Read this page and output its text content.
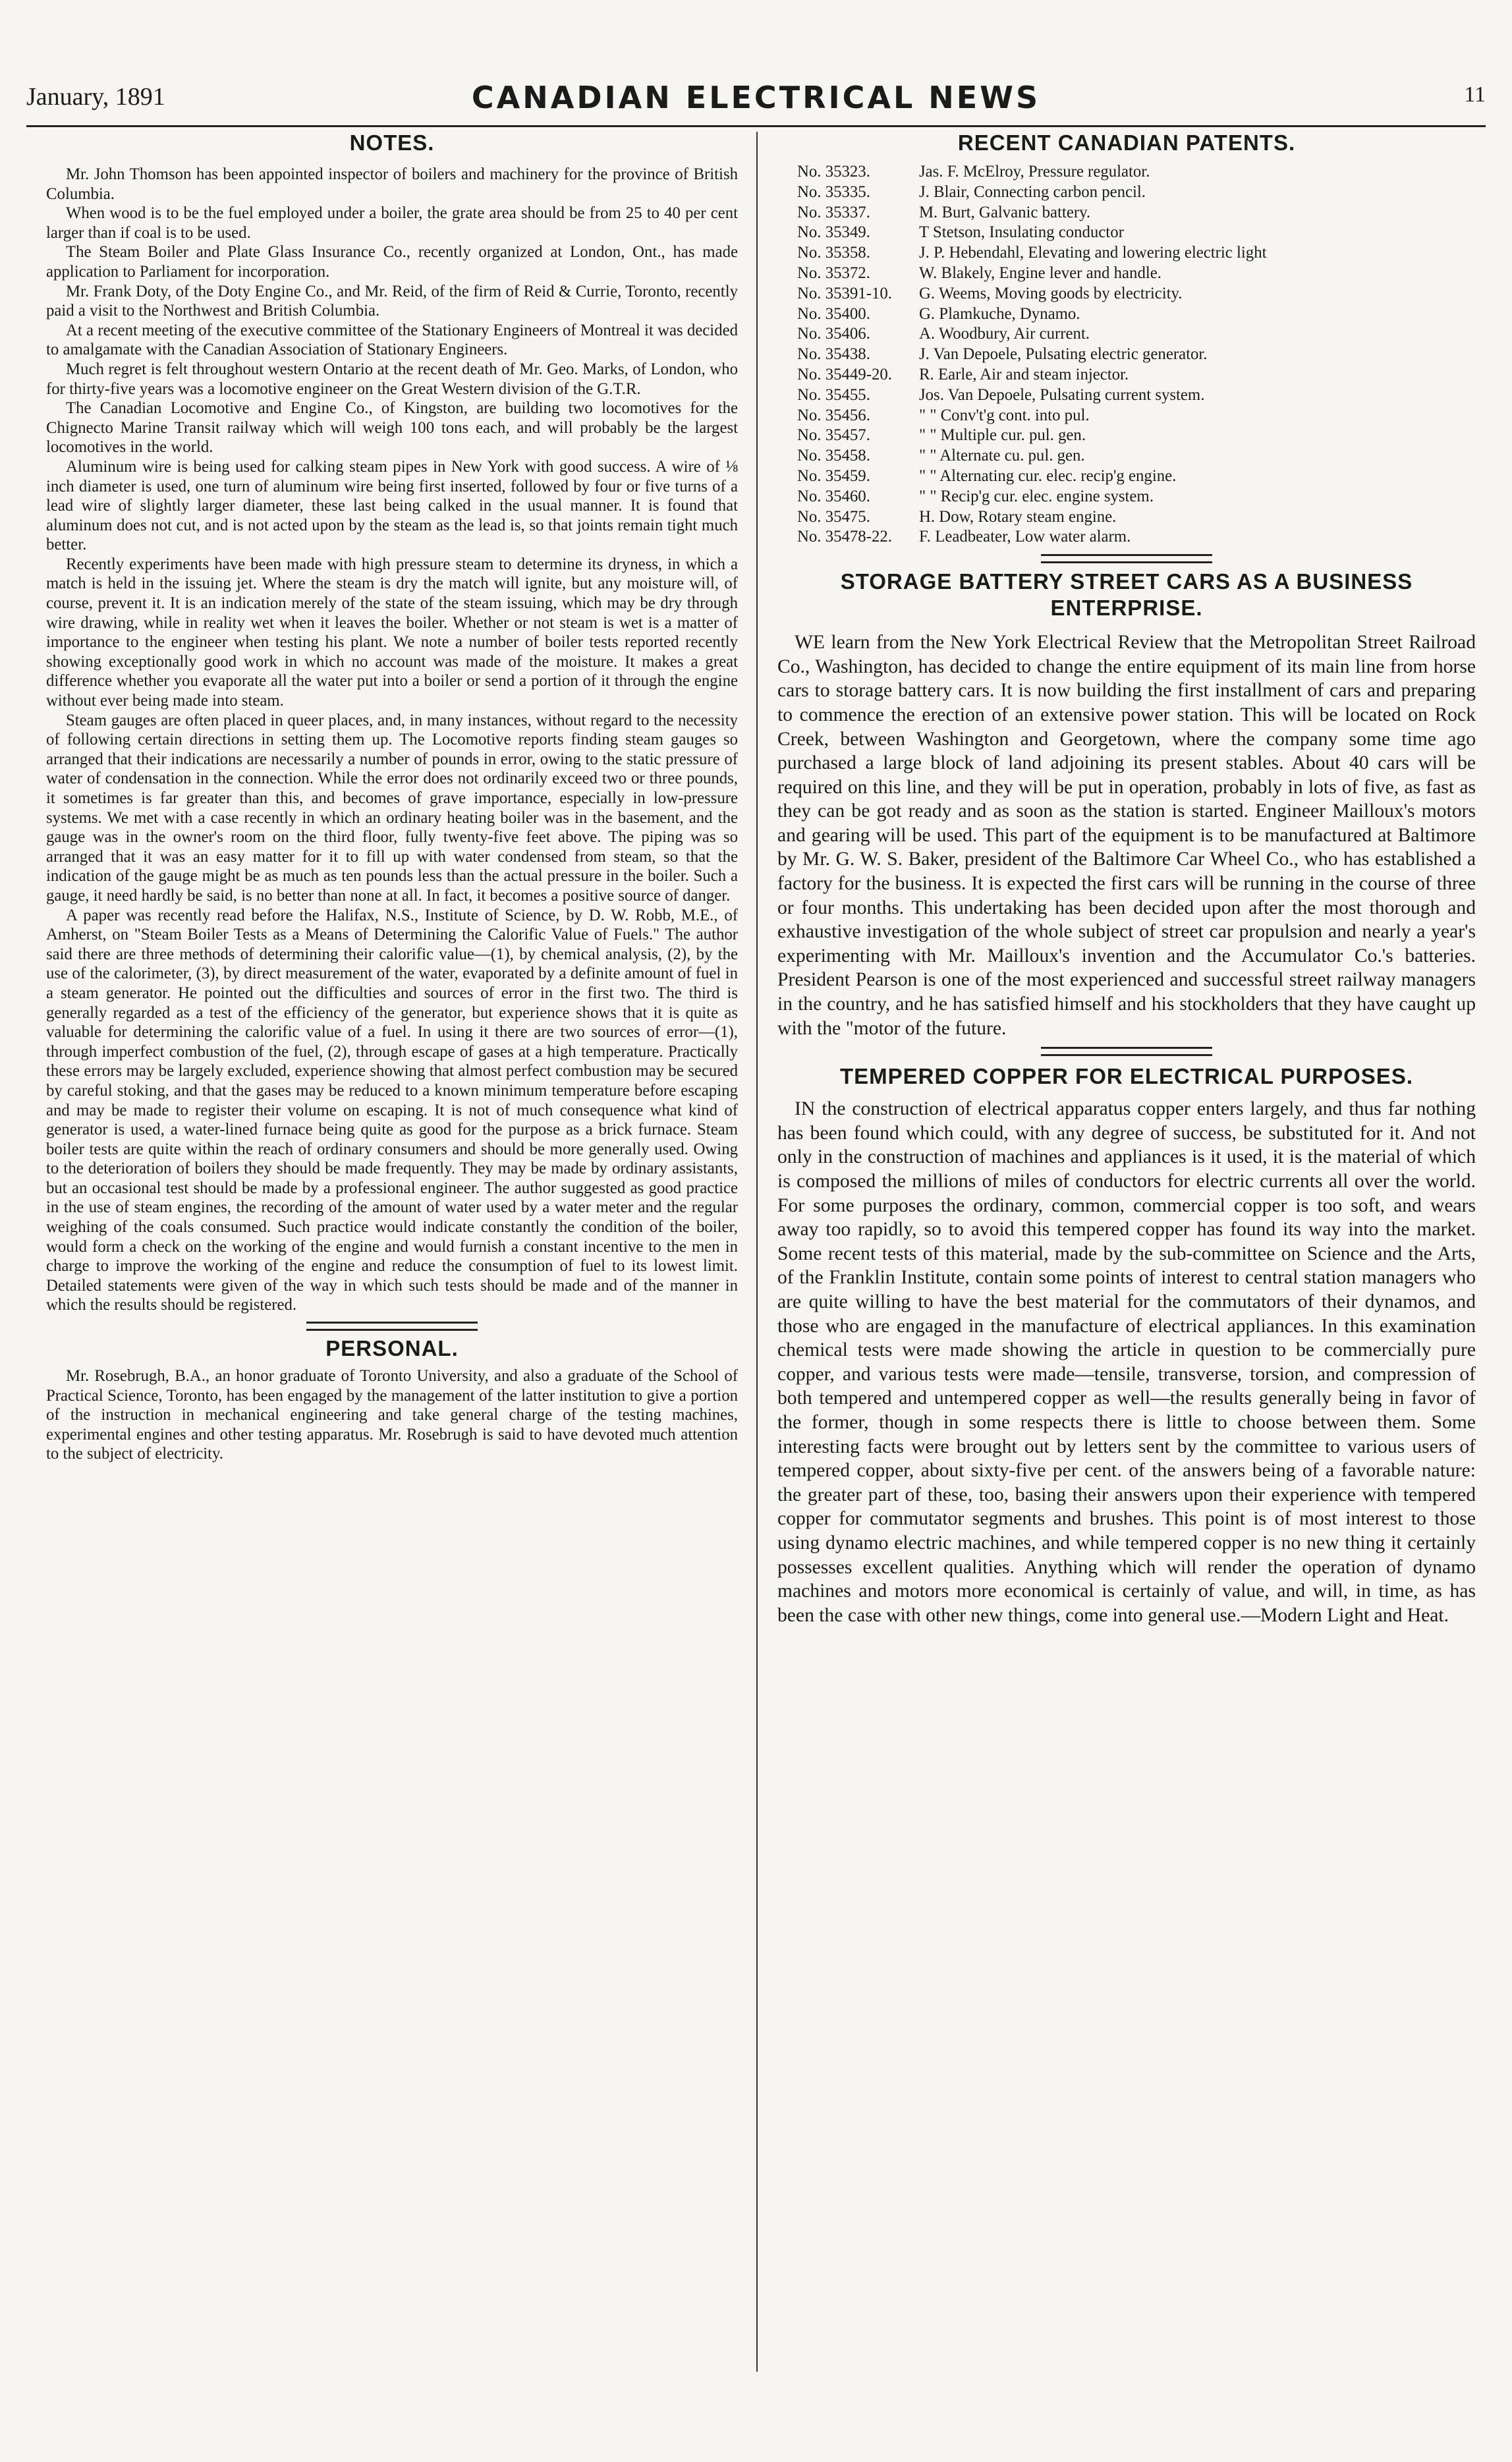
January, 1891	CANADIAN ELECTRICAL NEWS	11
NOTES.

Mr. John Thomson has been appointed inspector of boilers and machinery for the province of British Columbia.

When wood is to be the fuel employed under a boiler, the grate area should be from 25 to 40 per cent larger than if coal is to be used.

The Steam Boiler and Plate Glass Insurance Co., recently organized at London, Ont., has made application to Parliament for incorporation.

Mr. Frank Doty, of the Doty Engine Co., and Mr. Reid, of the firm of Reid & Currie, Toronto, recently paid a visit to the Northwest and British Columbia.

At a recent meeting of the executive committee of the Stationary Engineers of Montreal it was decided to amalgamate with the Canadian Association of Stationary Engineers.

Much regret is felt throughout western Ontario at the recent death of Mr. Geo. Marks, of London, who for thirty-five years was a locomotive engineer on the Great Western division of the G.T.R.

The Canadian Locomotive and Engine Co., of Kingston, are building two locomotives for the Chignecto Marine Transit railway which will weigh 100 tons each, and will probably be the largest locomotives in the world.

Aluminum wire is being used for calking steam pipes in New York with good success. A wire of ⅛ inch diameter is used, one turn of aluminum wire being first inserted, followed by four or five turns of a lead wire of slightly larger diameter, these last being calked in the usual manner. It is found that aluminum does not cut, and is not acted upon by the steam as the lead is, so that joints remain tight much better.

Recently experiments have been made with high pressure steam to determine its dryness, in which a match is held in the issuing jet. Where the steam is dry the match will ignite, but any moisture will, of course, prevent it. It is an indication merely of the state of the steam issuing, which may be dry through wire drawing, while in reality wet when it leaves the boiler. Whether or not steam is wet is a matter of importance to the engineer when testing his plant. We note a number of boiler tests reported recently showing exceptionally good work in which no account was made of the moisture. It makes a great difference whether you evaporate all the water put into a boiler or send a portion of it through the engine without ever being made into steam.

Steam gauges are often placed in queer places, and, in many instances, without regard to the necessity of following certain directions in setting them up. The Locomotive reports finding steam gauges so arranged that their indications are necessarily a number of pounds in error, owing to the static pressure of water of condensation in the connection. While the error does not ordinarily exceed two or three pounds, it sometimes is far greater than this, and becomes of grave importance, especially in low-pressure systems. We met with a case recently in which an ordinary heating boiler was in the basement, and the gauge was in the owner's room on the third floor, fully twenty-five feet above. The piping was so arranged that it was an easy matter for it to fill up with water condensed from steam, so that the indication of the gauge might be as much as ten pounds less than the actual pressure in the boiler. Such a gauge, it need hardly be said, is no better than none at all. In fact, it becomes a positive source of danger.

A paper was recently read before the Halifax, N.S., Institute of Science, by D. W. Robb, M.E., of Amherst, on "Steam Boiler Tests as a Means of Determining the Calorific Value of Fuels." The author said there are three methods of determining their calorific value—(1), by chemical analysis, (2), by the use of the calorimeter, (3), by direct measurement of the water, evaporated by a definite amount of fuel in a steam generator. He pointed out the difficulties and sources of error in the first two. The third is generally regarded as a test of the efficiency of the generator, but experience shows that it is quite as valuable for determining the calorific value of a fuel. In using it there are two sources of error—(1), through imperfect combustion of the fuel, (2), through escape of gases at a high temperature. Practically these errors may be largely excluded, experience showing that almost perfect combustion may be secured by careful stoking, and that the gases may be reduced to a known minimum temperature before escaping and may be made to register their volume on escaping. It is not of much consequence what kind of generator is used, a water-lined furnace being quite as good for the purpose as a brick furnace. Steam boiler tests are quite within the reach of ordinary consumers and should be more generally used. Owing to the deterioration of boilers they should be made frequently. They may be made by ordinary assistants, but an occasional test should be made by a professional engineer. The author suggested as good practice in the use of steam engines, the recording of the amount of water used by a water meter and the regular weighing of the coals consumed. Such practice would indicate constantly the condition of the boiler, would form a check on the working of the engine and would furnish a constant incentive to the men in charge to improve the working of the engine and reduce the consumption of fuel to its lowest limit. Detailed statements were given of the way in which such tests should be made and of the manner in which the results should be registered.

PERSONAL.

Mr. Rosebrugh, B.A., an honor graduate of Toronto University, and also a graduate of the School of Practical Science, Toronto, has been engaged by the management of the latter institution to give a portion of the instruction in mechanical engineering and take general charge of the testing machines, experimental engines and other testing apparatus. Mr. Rosebrugh is said to have devoted much attention to the subject of electricity.

RECENT CANADIAN PATENTS.
No. 35323.	Jas. F. McElroy, Pressure regulator.
No. 35335.	J. Blair, Connecting carbon pencil.
No. 35337.	M. Burt, Galvanic battery.
No. 35349.	T Stetson, Insulating conductor
No. 35358.	J. P. Hebendahl, Elevating and lowering electric light
No. 35372.	W. Blakely, Engine lever and handle.
No. 35391-10. G. Weems, Moving goods by electricity.
No. 35400.	G. Plamkuche, Dynamo.
No. 35406.	A. Woodbury, Air current.
No. 35438.	J. Van Depoele, Pulsating electric generator.
No. 35449-20. R. Earle, Air and steam injector.
No. 35455.	Jos. Van Depoele, Pulsating current system.
No. 35456.	" " Conv't'g cont. into pul.
No. 35457.	" " Multiple cur. pul. gen.
No. 35458.	" " Alternate cu. pul. gen.
No. 35459.	" " Alternating cur. elec. recip'g engine.
No. 35460.	" " Recip'g cur. elec. engine system.
No. 35475.	H. Dow, Rotary steam engine.
No. 35478-22. F. Leadbeater, Low water alarm.
STORAGE BATTERY STREET CARS AS A BUSINESS ENTERPRISE.

WE learn from the New York Electrical Review that the Metropolitan Street Railroad Co., Washington, has decided to change the entire equipment of its main line from horse cars to storage battery cars. It is now building the first installment of cars and preparing to commence the erection of an extensive power station. This will be located on Rock Creek, between Washington and Georgetown, where the company some time ago purchased a large block of land adjoining its present stables. About 40 cars will be required on this line, and they will be put in operation, probably in lots of five, as fast as they can be got ready and as soon as the station is started. Engineer Mailloux's motors and gearing will be used. This part of the equipment is to be manufactured at Baltimore by Mr. G. W. S. Baker, president of the Baltimore Car Wheel Co., who has established a factory for the business. It is expected the first cars will be running in the course of three or four months. This undertaking has been decided upon after the most thorough and exhaustive investigation of the whole subject of street car propulsion and nearly a year's experimenting with Mr. Mailloux's invention and the Accumulator Co.'s batteries. President Pearson is one of the most experienced and successful street railway managers in the country, and he has satisfied himself and his stockholders that they have caught up with the "motor of the future.

TEMPERED COPPER FOR ELECTRICAL PURPOSES.

IN the construction of electrical apparatus copper enters largely, and thus far nothing has been found which could, with any degree of success, be substituted for it. And not only in the construction of machines and appliances is it used, it is the material of which is composed the millions of miles of conductors for electric currents all over the world. For some purposes the ordinary, common, commercial copper is too soft, and wears away too rapidly, so to avoid this tempered copper has found its way into the market. Some recent tests of this material, made by the sub-committee on Science and the Arts, of the Franklin Institute, contain some points of interest to central station managers who are quite willing to have the best material for the commutators of their dynamos, and those who are engaged in the manufacture of electrical appliances. In this examination chemical tests were made showing the article in question to be commercially pure copper, and various tests were made—tensile, transverse, torsion, and compression of both tempered and untempered copper as well—the results generally being in favor of the former, though in some respects there is little to choose between them. Some interesting facts were brought out by letters sent by the committee to various users of tempered copper, about sixty-five per cent. of the answers being of a favorable nature: the greater part of these, too, basing their answers upon their experience with tempered copper for commutator segments and brushes. This point is of most interest to those using dynamo electric machines, and while tempered copper is no new thing it certainly possesses excellent qualities. Anything which will render the operation of dynamo machines and motors more economical is certainly of value, and will, in time, as has been the case with other new things, come into general use.—Modern Light and Heat.
